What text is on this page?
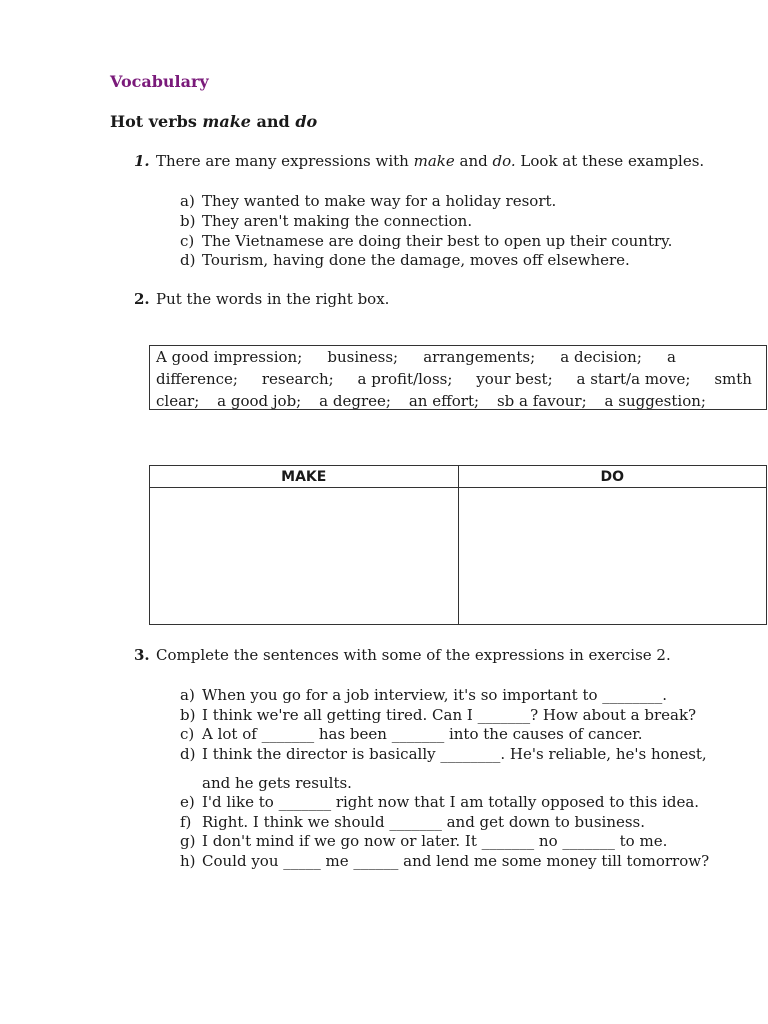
Vocabulary
Hot verbs make and do
1. There are many expressions with make and do. Look at these examples.
a) They wanted to make way for a holiday resort.
b) They aren't making the connection.
c) The Vietnamese are doing their best to open up their country.
d) Tourism, having done the damage, moves off elsewhere.
2. Put the words in the right box.
A good impression; business; arrangements; a decision; a
difference; research; a profit/loss; your best; a start/a move; smth
clear; a good job; a degree; an effort; sb a favour; a suggestion;
MAKE	DO

3. Complete the sentences with some of the expressions in exercise 2.
a) When you go for a job interview, it's so important to ________.
b) I think we're all getting tired. Can I _______? How about a break?
c) A lot of _______ has been _______ into the causes of cancer.
d) I think the director is basically ________. He's reliable, he's honest,
and he gets results.
e) I'd like to _______ right now that I am totally opposed to this idea.
f) Right. I think we should _______ and get down to business.
g) I don't mind if we go now or later. It _______ no _______ to me.
h) Could you _____ me ______ and lend me some money till tomorrow?
